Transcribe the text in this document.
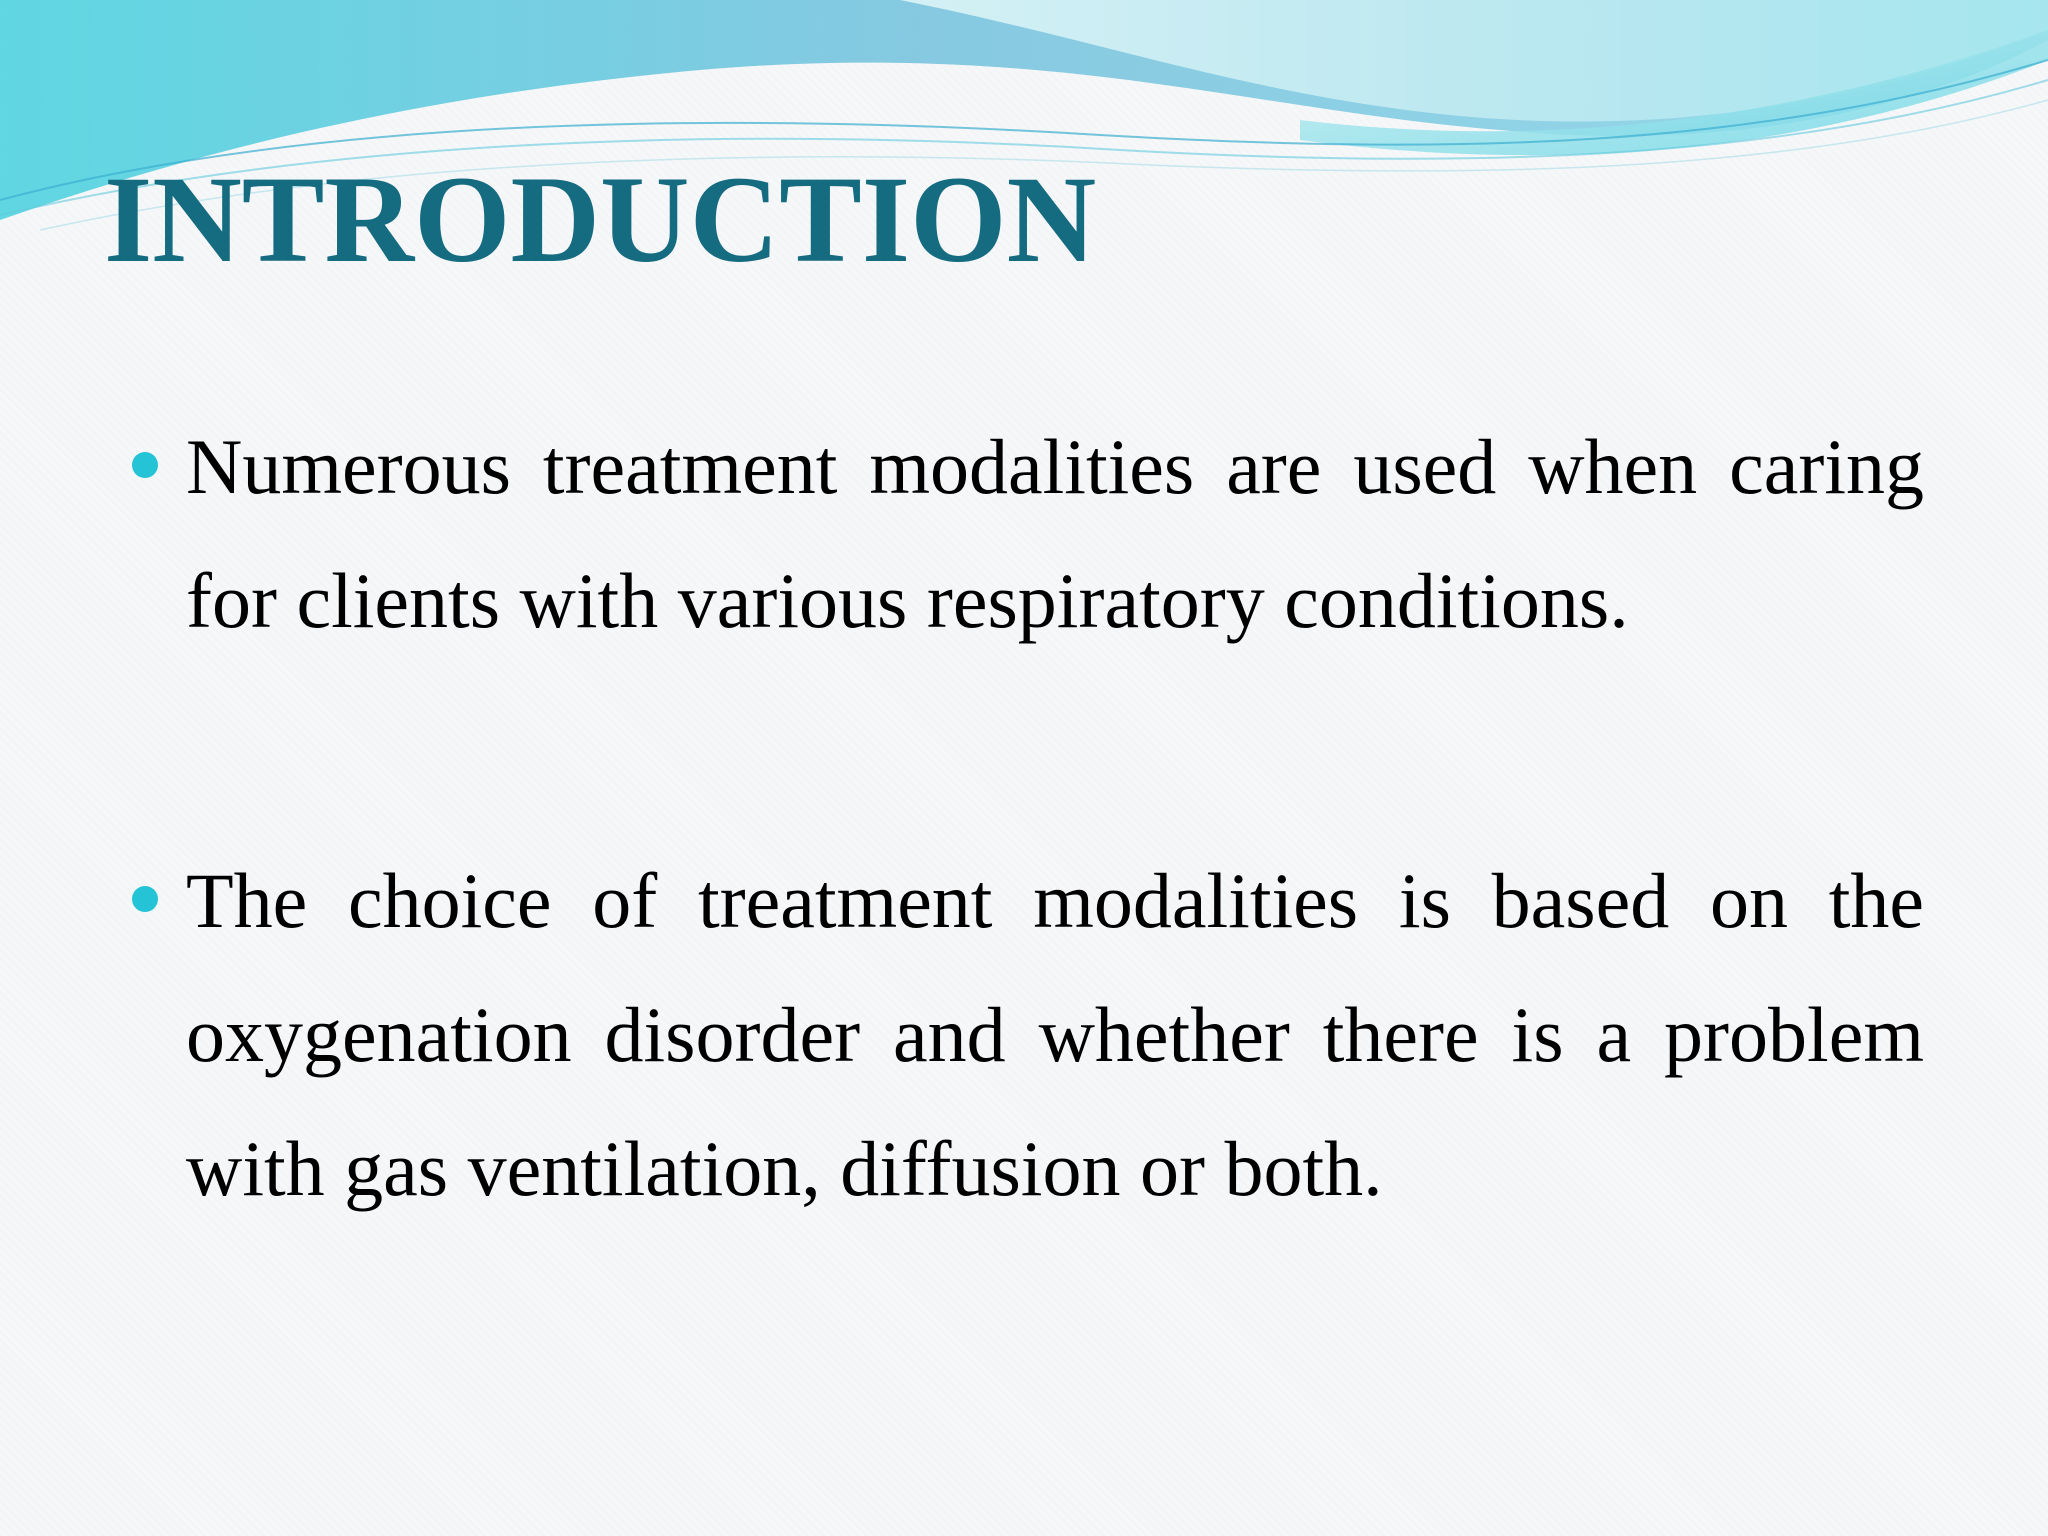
INTRODUCTION
Numerous treatment modalities are used when caring for clients with various respiratory conditions.
The choice of treatment modalities is based on the oxygenation disorder and whether there is a problem with gas ventilation, diffusion or both.
